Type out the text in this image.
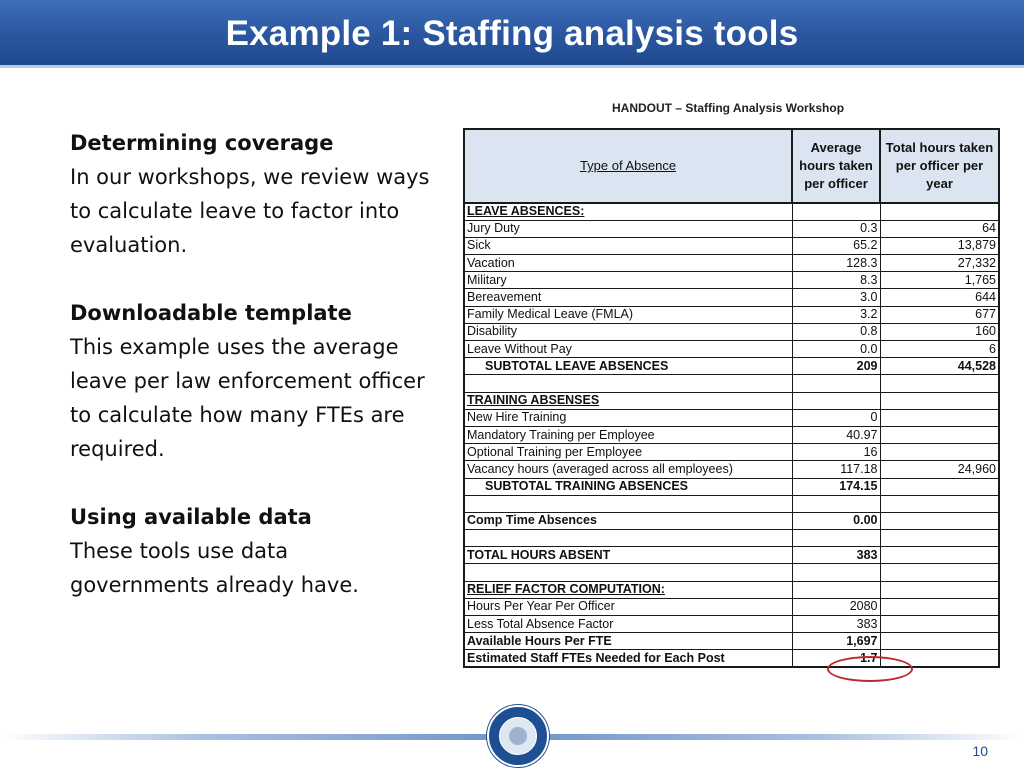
Example 1: Staffing analysis tools
Determining coverage
In our workshops, we review ways to calculate leave to factor into evaluation.
Downloadable template
This example uses the average leave per law enforcement officer to calculate how many FTEs are required.
Using available data
These tools use data governments already have.
HANDOUT – Staffing Analysis Workshop
Type of Absence	Average hours taken per officer	Total hours taken per officer per year
LEAVE ABSENCES:		
Jury Duty	0.3	64
Sick	65.2	13,879
Vacation	128.3	27,332
Military	8.3	1,765
Bereavement	3.0	644
Family Medical Leave (FMLA)	3.2	677
Disability	0.8	160
Leave Without Pay	0.0	6
SUBTOTAL LEAVE ABSENCES	209	44,528

TRAINING ABSENSES		
New Hire Training	0	
Mandatory Training per Employee	40.97	
Optional Training per Employee	16	
Vacancy hours (averaged across all employees)	117.18	24,960
SUBTOTAL TRAINING ABSENCES	174.15	

Comp Time Absences	0.00	

TOTAL HOURS ABSENT	383	

RELIEF FACTOR COMPUTATION:		
Hours Per Year Per Officer	2080	
Less Total Absence Factor	383	
Available Hours Per FTE	1,697	
Estimated Staff FTEs Needed for Each Post	1.7	
10
